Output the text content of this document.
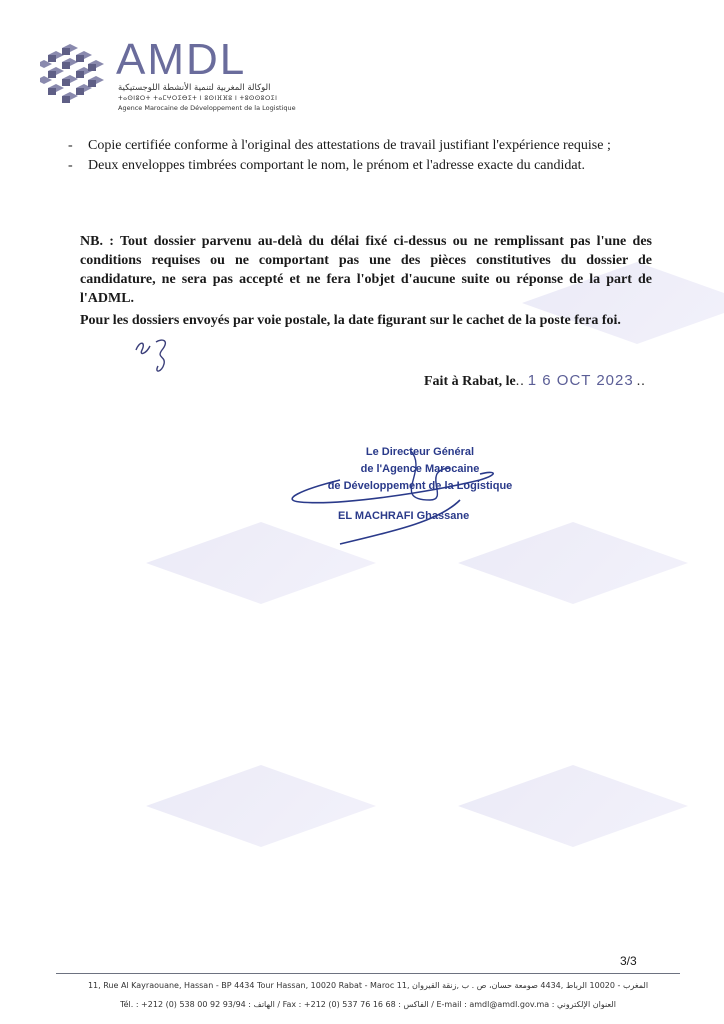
AMDL
الوكالة المغربية لتنمية الأنشطة اللوجستيكية
ⵜⴰⵙⵏⵓⵔⵜ ⵜⴰⵎⵖⵔⵉⴱⵉⵜ ⵏ ⵓⵙⵏⴼⴼⵓ ⵏ ⵜⵓⵙⵙⵓⵔⵉⵏ
Agence Marocaine de Développement de la Logistique
- Copie certifiée conforme à l'original des attestations de travail justifiant l'expérience requise ;
- Deux enveloppes timbrées comportant le nom, le prénom et l'adresse exacte du candidat.

NB. : Tout dossier parvenu au-delà du délai fixé ci-dessus ou ne remplissant pas l'une des conditions requises ou ne comportant pas une des pièces constitutives du dossier de candidature, ne sera pas accepté et ne fera l'objet d'aucune suite ou réponse de la part de l'ADML.

Pour les dossiers envoyés par voie postale, la date figurant sur le cachet de la poste fera foi.

Fait à Rabat, le.. 1 6 OCT 2023 ..
Le Directeur Général
de l'Agence Marocaine
de Développement de la Logistique
EL MACHRAFI Ghassane
3/3
11, Rue Al Kayraouane, Hassan - BP 4434 Tour Hassan, 10020 Rabat - Maroc المغرب - 10020 الرباط ,4434 صومعة حسان، ص . ب ,زنقة القيروان ,11
Tél. : +212 (0) 538 00 92 93/94 : الهاتف / Fax : +212 (0) 537 76 16 68 : الفاكس / E-mail : amdl@amdl.gov.ma : العنوان الإلكتروني
